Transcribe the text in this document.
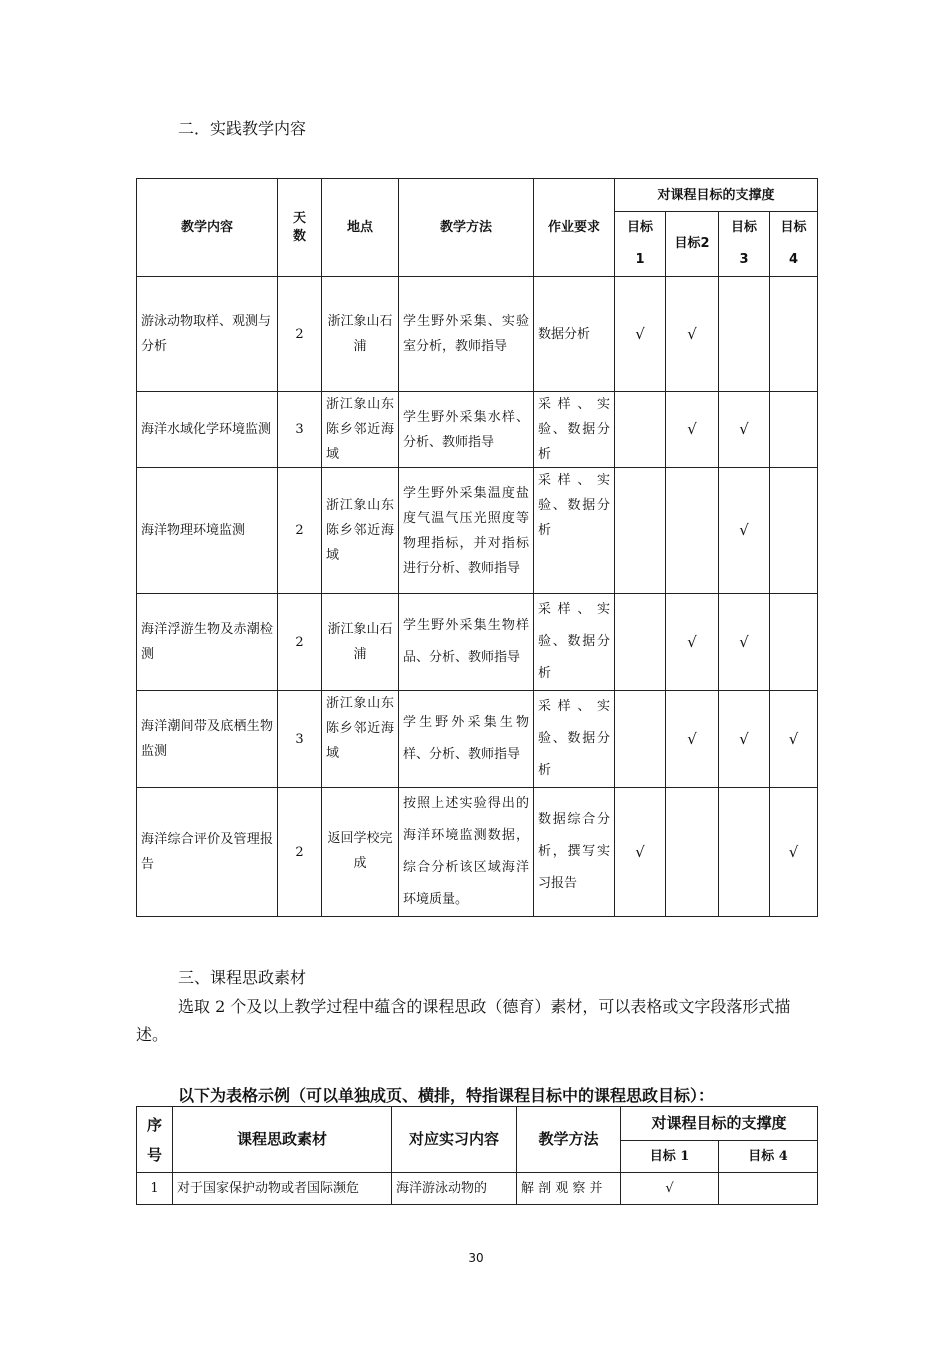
二．实践教学内容
教学内容	天数	地点	教学方法	作业要求	对课程目标的支撑度			
					目标1	目标2	目标3	目标4
游泳动物取样、观测与分析	2	浙江象山石浦	学生野外采集、实验室分析，教师指导	数据分析	√	√		
海洋水域化学环境监测	3	浙江象山东陈乡邻近海域	学生野外采集水样、分析、教师指导	采样、实验、数据分析		√	√	
海洋物理环境监测	2	浙江象山东陈乡邻近海域	学生野外采集温度盐度气温气压光照度等物理指标，并对指标进行分析、教师指导	采样、实验、数据分析			√	
海洋浮游生物及赤潮检测	2	浙江象山石浦	学生野外采集生物样品、分析、教师指导	采样、实验、数据分析		√	√	
海洋潮间带及底栖生物监测	3	浙江象山东陈乡邻近海域	学生野外采集生物样、分析、教师指导	采样、实验、数据分析		√	√	√
海洋综合评价及管理报告	2	返回学校完成	按照上述实验得出的海洋环境监测数据，综合分析该区域海洋环境质量。	数据综合分析，撰写实习报告	√			√
三、课程思政素材

选取 2 个及以上教学过程中蕴含的课程思政（德育）素材，可以表格或文字段落形式描述。

以下为表格示例（可以单独成页、横排，特指课程目标中的课程思政目标）：
序号	课程思政素材	对应实习内容	教学方法	对课程目标的支撑度	
				目标 1	目标 4
1	对于国家保护动物或者国际濒危	海洋游泳动物的	解 剖 观 察 并	√	
30
